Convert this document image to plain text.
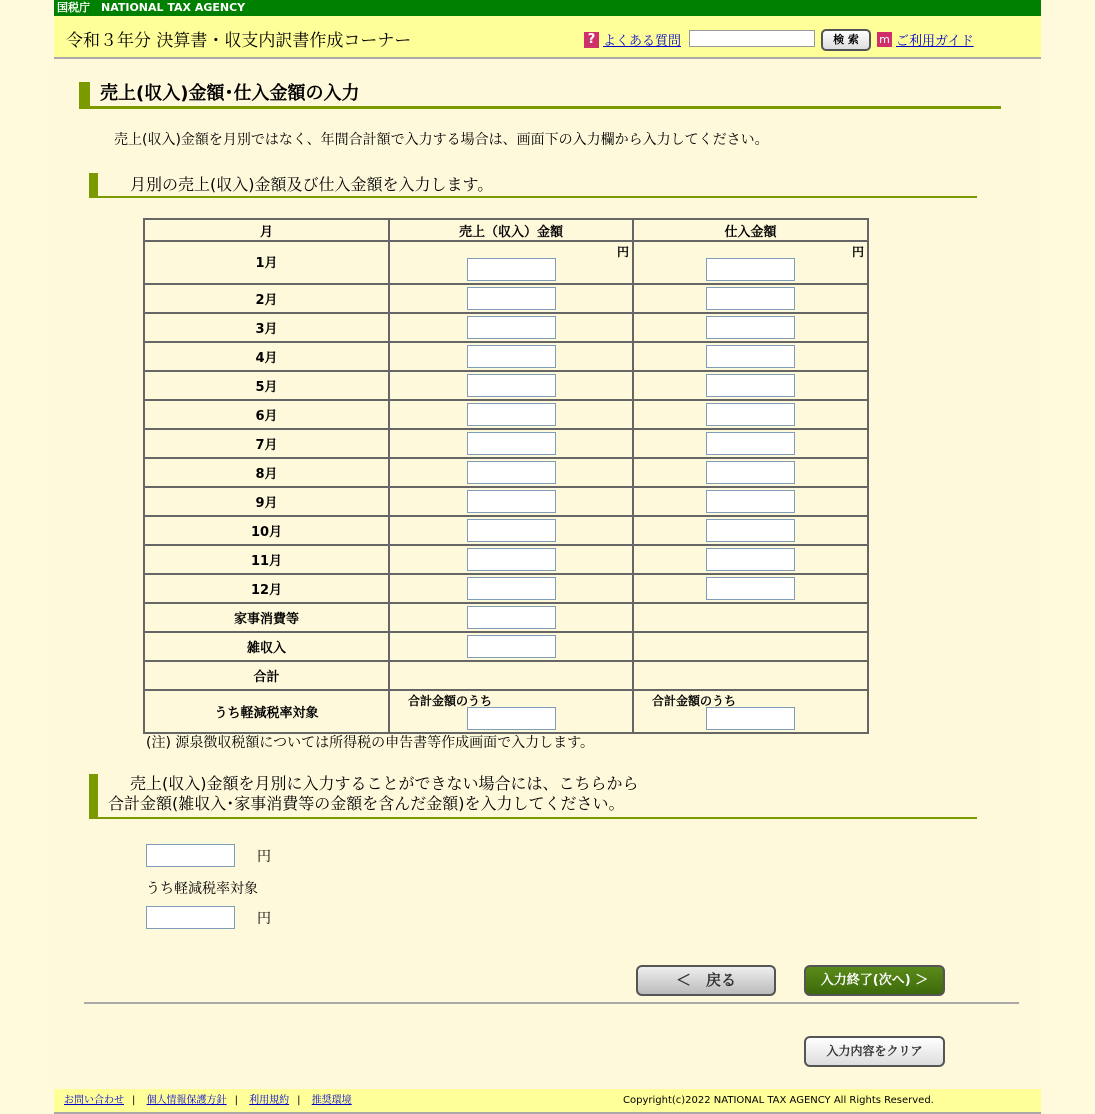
国税庁　NATIONAL TAX AGENCY
令和３年分 決算書・収支内訳書作成コーナー	? よくある質問	検 索	m ご利用ガイド
売上(収入)金額･仕入金額の入力
売上(収入)金額を月別ではなく、年間合計額で入力する場合は、画面下の入力欄から入力してください。
月別の売上(収入)金額及び仕入金額を入力します。
月	売上（収入）金額	仕入金額
1月	円	円

2月		
3月		
4月		
5月		
6月		
7月		
8月		
9月		
10月		
11月		
12月		
家事消費等		
雑収入		
合計		
うち軽減税率対象	合計金額のうち	合計金額のうち
(注) 源泉徴収税額については所得税の申告書等作成画面で入力します。
売上(収入)金額を月別に入力することができない場合には、こちらから
合計金額(雑収入･家事消費等の金額を含んだ金額)を入力してください。
円
うち軽減税率対象
円
＜　戻る	入力終了(次へ) ＞
入力内容をクリア
お問い合わせ | 個人情報保護方針 | 利用規約 | 推奨環境	Copyright(c)2022 NATIONAL TAX AGENCY All Rights Reserved.
